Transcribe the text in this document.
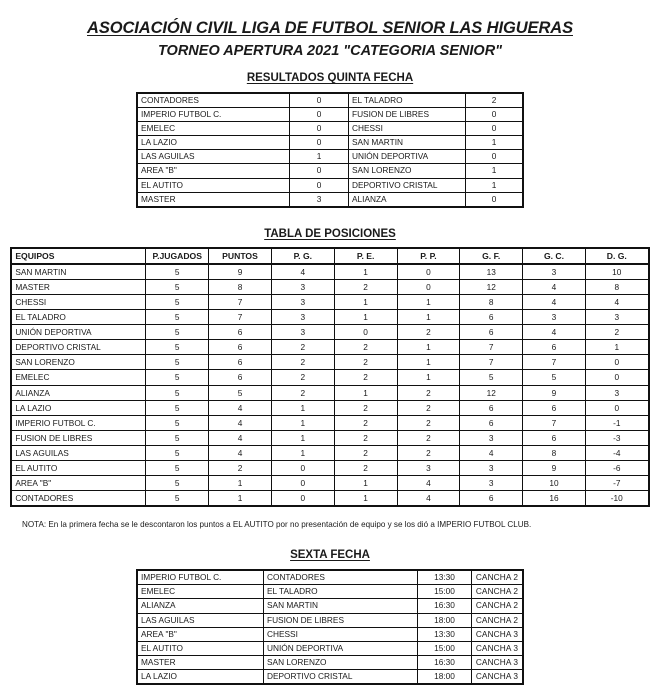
ASOCIACIÓN CIVIL LIGA DE FUTBOL SENIOR LAS HIGUERAS
TORNEO APERTURA 2021 "CATEGORIA SENIOR"
RESULTADOS QUINTA FECHA
CONTADORES	0	EL TALADRO	2
IMPERIO FUTBOL C.	0	FUSION DE LIBRES	0
EMELEC	0	CHESSI	0
LA LAZIO	0	SAN MARTIN	1
LAS AGUILAS	1	UNIÓN DEPORTIVA	0
AREA "B"	0	SAN LORENZO	1
EL AUTITO	0	DEPORTIVO CRISTAL	1
MASTER	3	ALIANZA	0
TABLA DE POSICIONES
EQUIPOS	P.JUGADOS	PUNTOS	P. G.	P. E.	P. P.	G. F.	G. C.	D. G.
SAN MARTIN	5	9	4	1	0	13	3	10
MASTER	5	8	3	2	0	12	4	8
CHESSI	5	7	3	1	1	8	4	4
EL TALADRO	5	7	3	1	1	6	3	3
UNIÓN DEPORTIVA	5	6	3	0	2	6	4	2
DEPORTIVO CRISTAL	5	6	2	2	1	7	6	1
SAN LORENZO	5	6	2	2	1	7	7	0
EMELEC	5	6	2	2	1	5	5	0
ALIANZA	5	5	2	1	2	12	9	3
LA LAZIO	5	4	1	2	2	6	6	0
IMPERIO FUTBOL C.	5	4	1	2	2	6	7	-1
FUSION DE LIBRES	5	4	1	2	2	3	6	-3
LAS AGUILAS	5	4	1	2	2	4	8	-4
EL AUTITO	5	2	0	2	3	3	9	-6
AREA "B"	5	1	0	1	4	3	10	-7
CONTADORES	5	1	0	1	4	6	16	-10

NOTA: En la primera fecha se le descontaron los puntos a EL AUTITO por no presentación de equipo y se los dió a IMPERIO FUTBOL CLUB.

SEXTA FECHA
IMPERIO FUTBOL C.	CONTADORES	13:30	CANCHA 2
EMELEC	EL TALADRO	15:00	CANCHA 2
ALIANZA	SAN MARTIN	16:30	CANCHA 2
LAS AGUILAS	FUSION DE LIBRES	18:00	CANCHA 2
AREA "B"	CHESSI	13:30	CANCHA 3
EL AUTITO	UNIÓN DEPORTIVA	15:00	CANCHA 3
MASTER	SAN LORENZO	16:30	CANCHA 3
LA LAZIO	DEPORTIVO CRISTAL	18:00	CANCHA 3
